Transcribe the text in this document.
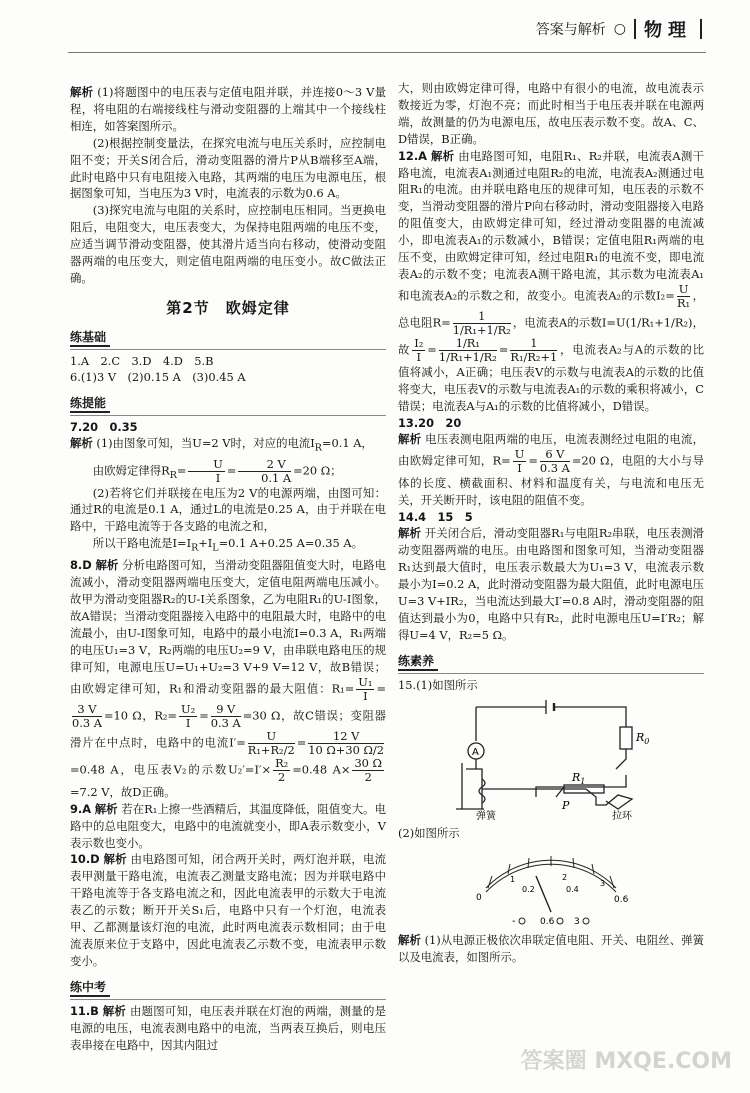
答案与解析 ○ 物理

解析 (1)将题图中的电压表与定值电阻并联，并连接0～3 V量程，将电阻的右端接线柱与滑动变阻器的上端其中一个接线柱相连，如答案图所示。

(2)根据控制变量法，在探究电流与电压关系时，应控制电阻不变；开关S闭合后，滑动变阻器的滑片P从B端移至A端，此时电路中只有电阻接入电路，其两端的电压为电源电压，根据图象可知，当电压为3 V时，电流表的示数为0.6 A。

(3)探究电流与电阻的关系时，应控制电压相同。当更换电阻后，电阻变大，电压表变大，为保持电阻两端的电压不变，应适当调节滑动变阻器，使其滑片适当向右移动，使滑动变阻器两端的电压变大，则定值电阻两端的电压变小。故C做法正确。

第2节　欧姆定律
练基础

1.A　2.C　3.D　4.D　5.B

6.(1)3 V　(2)0.15 A　(3)0.45 A

练提能

7.20　0.35

解析 (1)由图象可知，当U=2 V时，对应的电流$I_R=0.1$ A，

由欧姆定律得$R_R= \frac{U}{I} = \frac{2 V}{0.1 A} =20$ Ω；

(2)若将它们并联接在电压为2 V的电源两端，由图可知：通过R的电流是0.1 A，通过L的电流是0.25 A，由于并联在电路中，干路电流等于各支路的电流之和，

所以干路电流是$I=I_R+I_L=0.1$ A+0.25 A=0.35 A。

8.D 解析 分析电路图可知，当滑动变阻器阻值变大时，电路电流减小，滑动变阻器两端电压变大，定值电阻两端电压减小。故甲为滑动变阻器R₂的U-I关系图象，乙为电阻R₁的U-I图象，故A错误；当滑动变阻器接入电路中的电阻最大时，电路中的电流最小，由U-I图象可知，电路中的最小电流I=0.3 A，R₁两端的电压U₁=3 V，R₂两端的电压U₂=9 V，由串联电路电压的规律可知，电源电压U=U₁+U₂=3 V+9 V=12 V，故B错误；由欧姆定律可知，R₁和滑动变阻器的最大阻值：$R_1= \frac{\text{U₁}}{I}$ =
$\frac{3 V}{0.3 A} =10$ Ω，$R_2= \frac{\text{U₂}}{I} = \frac{9 V}{0.3 A} =30$ Ω，故C错误；变阻器滑片在中点时，电路中的电流$I'= \frac{U}{\text{R₁+R₂/2}} = \frac{12 V}{10 \Omega+30 \Omega/2}$
=0.48 A，电压表V₂的示数$U_2'=I'\times \frac{\text{R₂}}{2} =0.48$ $A\times \frac{30 \Omega}{2}$
=7.2 V，故D正确。

9.A 解析 若在R₁上擦一些酒精后，其温度降低，阻值变大。电路中的总电阻变大，电路中的电流就变小，即A表示数变小，V表示数也变小。

10.D 解析 由电路图可知，闭合两开关时，两灯泡并联，电流表甲测量干路电流，电流表乙测量支路电流；因为并联电路中干路电流等于各支路电流之和，因此电流表甲的示数大于电流表乙的示数；断开开关S₁后，电路中只有一个灯泡，电流表甲、乙都测量该灯泡的电流，此时两电流表示数相同；由于电流表原来位于支路中，因此电流表乙示数不变，电流表甲示数变小。

练中考

11.B 解析 由题图可知，电压表并联在灯泡的两端，测量的是电源的电压，电流表测电路中的电流，当两表互换后，则电压表串接在电路中，因其内阻过

大，则由欧姆定律可得，电路中有很小的电流，故电流表示数接近为零，灯泡不亮；而此时相当于电压表并联在电源两端，故测量的仍为电源电压，故电压表示数不变。故A、C、D错误，B正确。

12.A 解析 由电路图可知，电阻R₁、R₂并联，电流表A测干路电流，电流表A₁测通过电阻R₂的电流，电流表A₂测通过电阻R₁的电流。由并联电路电压的规律可知，电压表的示数不变，当滑动变阻器的滑片P向右移动时，滑动变阻器接入电路的阻值变大，由欧姆定律可知，经过滑动变阻器的电流减小，即电流表A₁的示数减小，B错误；定值电阻R₁两端的电压不变，由欧姆定律可知，经过电阻R₁的电流不变，即电流表A₂的示数不变；电流表A测干路电流，其示数为电流表A₁和电流表A₂的示数之和，故变小。电流表A₂的示数$I_2= \frac{U}{\text{R₁}}$ ，总电阻$R= \frac{1}{\text{1/R₁+1/R₂}}$ ，电流表A的示数I=U(1/R₁+1/R₂)，故 $\frac{\text{I₂}}{I} = \frac{\text{1/R₁}}{\text{1/R₁+1/R₂}} = \frac{1}{\text{R₁/R₂+1}}$ ，电流表A₂与A的示数的比值将减小，A正确；电压表V的示数与电流表A的示数的比值将变大，电压表V的示数与电流表A₁的示数的乘积将减小，C错误；电流表A与A₁的示数的比值将减小，D错误。

13.20　20

解析 电压表测电阻两端的电压，电流表测经过电阻的电流，由欧姆定律可知，$R= \frac{U}{I} = \frac{6 V}{0.3 A} =20$ Ω，电阻的大小与导体的长度、横截面积、材料和温度有关，与电流和电压无关，开关断开时，该电阻的阻值不变。

14.4　15　5

解析 开关闭合后，滑动变阻器R₁与电阻R₂串联，电压表测滑动变阻器两端的电压。由电路图和图象可知，当滑动变阻器R₁达到最大值时，电压表示数最大为U₁=3 V，电流表示数最小为I=0.2 A，此时滑动变阻器为最大阻值，此时电源电压U=3 V+IR₂，当电流达到最大I′=0.8 A时，滑动变阻器的阻值达到最小为0，电路中只有R₂，此时电源电压U=I′R₂；解得U=4 V，R₂=5 Ω。

练素养

15.(1)如图所示

$R_0$
$R_1$
P
A
弹簧	拉环

(2)如图所示

0
1
0.2
2
0.4
3
0.6
-	0.6 3

解析 (1)从电源正极依次串联定值电阻、开关、电阻丝、弹簧以及电流表，如图所示。

答案圈 MXQE.COM
